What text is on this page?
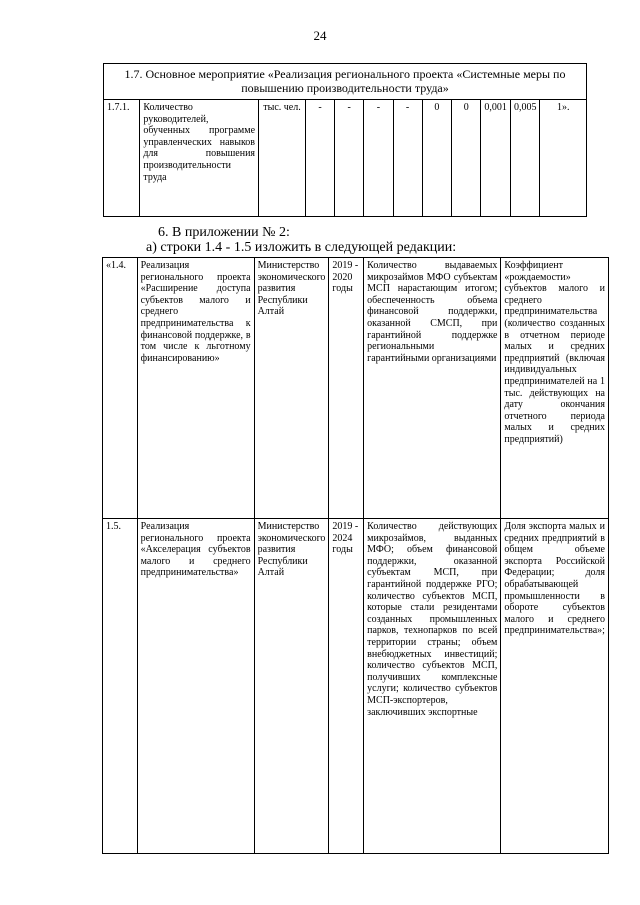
24
1.7. Основное мероприятие «Реализация регионального проекта «Системные меры по повышению производительности труда»
1.7.1.	Количество руководителей, обученных программе управленческих навыков для повышения производительности труда	тыс. чел.	-	-	-	-	0	0	0,001	0,005	1».
6. В приложении № 2:
а) строки 1.4 - 1.5 изложить в следующей редакции:
«1.4.	Реализация регионального проекта «Расширение доступа субъектов малого и среднего предпринимательства к финансовой поддержке, в том числе к льготному финансированию»	Министерство экономического развития Республики Алтай	2019 - 2020 годы	Количество выдаваемых микрозаймов МФО субъектам МСП нарастающим итогом; обеспеченность объема финансовой поддержки, оказанной СМСП, при гарантийной поддержке региональными гарантийными организациями	Коэффициент «рождаемости» субъектов малого и среднего предпринимательства (количество созданных в отчетном периоде малых и средних предприятий (включая индивидуальных предпринимателей на 1 тыс. действующих на дату окончания отчетного периода малых и средних предприятий)
1.5.	Реализация регионального проекта «Акселерация субъектов малого и среднего предпринимательства»	Министерство экономического развития Республики Алтай	2019 - 2024 годы	Количество действующих микрозаймов, выданных МФО; объем финансовой поддержки, оказанной субъектам МСП, при гарантийной поддержке РГО; количество субъектов МСП, которые стали резидентами созданных промышленных парков, технопарков по всей территории страны; объем внебюджетных инвестиций; количество субъектов МСП, получивших комплексные услуги; количество субъектов МСП-экспортеров, заключивших экспортные	Доля экспорта малых и средних предприятий в общем объеме экспорта Российской Федерации; доля обрабатывающей промышленности в обороте субъектов малого и среднего предпринимательства»;
